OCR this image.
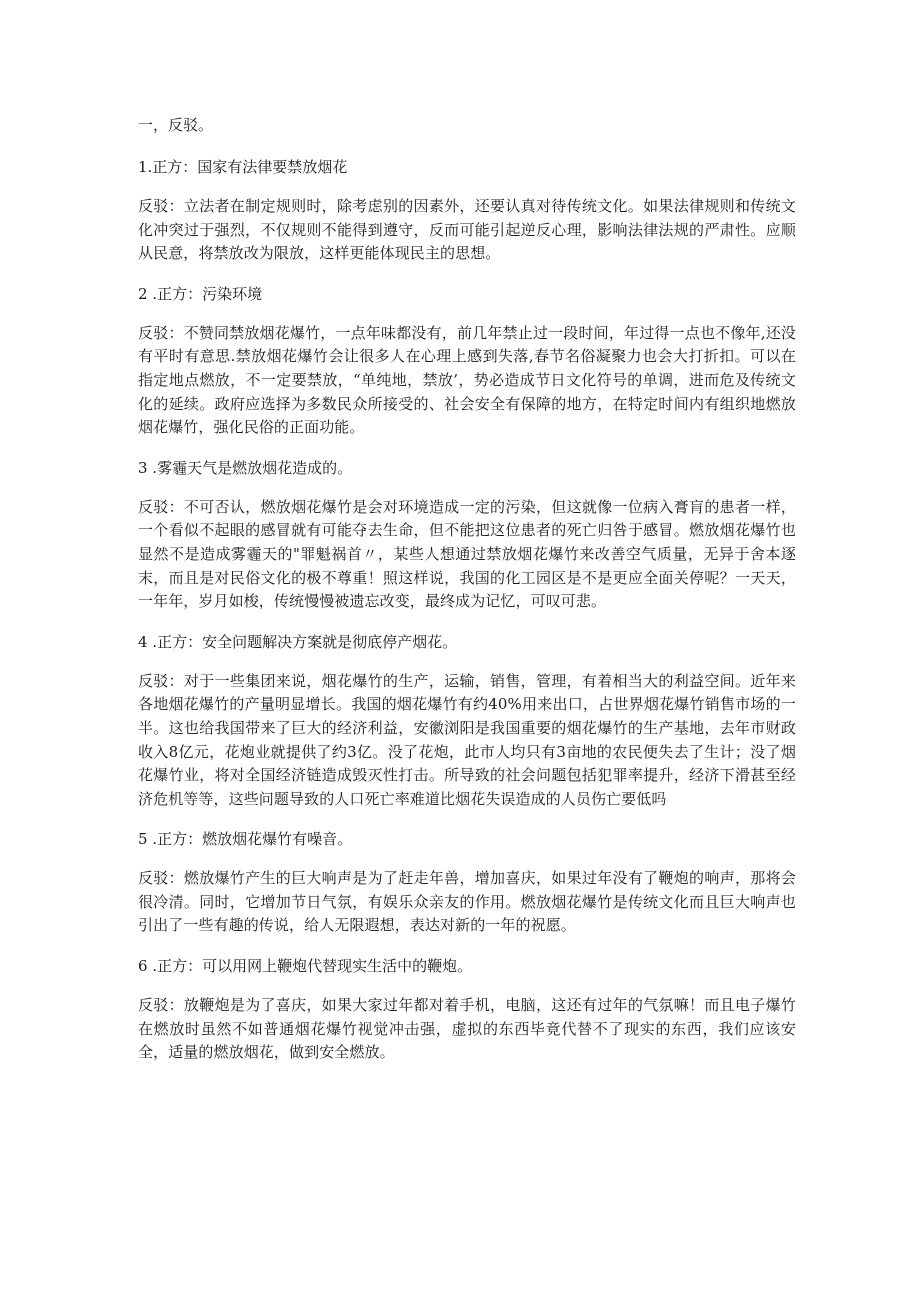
一，反驳。
1.正方：国家有法律要禁放烟花
反驳：立法者在制定规则时，除考虑别的因素外，还要认真对待传统文化。如果法律规则和传统文化冲突过于强烈，不仅规则不能得到遵守，反而可能引起逆反心理，影响法律法规的严肃性。应顺从民意，将禁放改为限放，这样更能体现民主的思想。
2 .正方：污染环境
反驳：不赞同禁放烟花爆竹，一点年味都没有，前几年禁止过一段时间，年过得一点也不像年,还没有平时有意思.禁放烟花爆竹会让很多人在心理上感到失落,春节名俗凝聚力也会大打折扣。可以在指定地点燃放，不一定要禁放，“单纯地，禁放’，势必造成节日文化符号的单调，进而危及传统文化的延续。政府应选择为多数民众所接受的、社会安全有保障的地方，在特定时间内有组织地燃放烟花爆竹，强化民俗的正面功能。
3 .雾霾天气是燃放烟花造成的。
反驳：不可否认，燃放烟花爆竹是会对环境造成一定的污染，但这就像一位病入膏肓的患者一样，一个看似不起眼的感冒就有可能夺去生命，但不能把这位患者的死亡归咎于感冒。燃放烟花爆竹也显然不是造成雾霾天的"罪魁祸首〃，某些人想通过禁放烟花爆竹来改善空气质量，无异于舍本逐末，而且是对民俗文化的极不尊重！照这样说，我国的化工园区是不是更应全面关停呢？一天天，一年年，岁月如梭，传统慢慢被遗忘改变，最终成为记忆，可叹可悲。
4 .正方：安全问题解决方案就是彻底停产烟花。
反驳：对于一些集团来说，烟花爆竹的生产，运输，销售，管理，有着相当大的利益空间。近年来各地烟花爆竹的产量明显增长。我国的烟花爆竹有约40%用来出口，占世界烟花爆竹销售市场的一半。这也给我国带来了巨大的经济利益，安徽浏阳是我国重要的烟花爆竹的生产基地，去年市财政收入8亿元，花炮业就提供了约3亿。没了花炮，此市人均只有3亩地的农民便失去了生计；没了烟花爆竹业，将对全国经济链造成毁灭性打击。所导致的社会问题包括犯罪率提升，经济下滑甚至经济危机等等，这些问题导致的人口死亡率难道比烟花失误造成的人员伤亡要低吗
5 .正方：燃放烟花爆竹有噪音。
反驳：燃放爆竹产生的巨大响声是为了赶走年兽，增加喜庆，如果过年没有了鞭炮的响声，那将会很冷清。同时，它增加节日气氛，有娱乐众亲友的作用。燃放烟花爆竹是传统文化而且巨大响声也引出了一些有趣的传说，给人无限遐想，表达对新的一年的祝愿。
6 .正方：可以用网上鞭炮代替现实生活中的鞭炮。
反驳：放鞭炮是为了喜庆，如果大家过年都对着手机，电脑，这还有过年的气氛嘛！而且电子爆竹在燃放时虽然不如普通烟花爆竹视觉冲击强，虚拟的东西毕竟代替不了现实的东西，我们应该安全，适量的燃放烟花，做到安全燃放。
